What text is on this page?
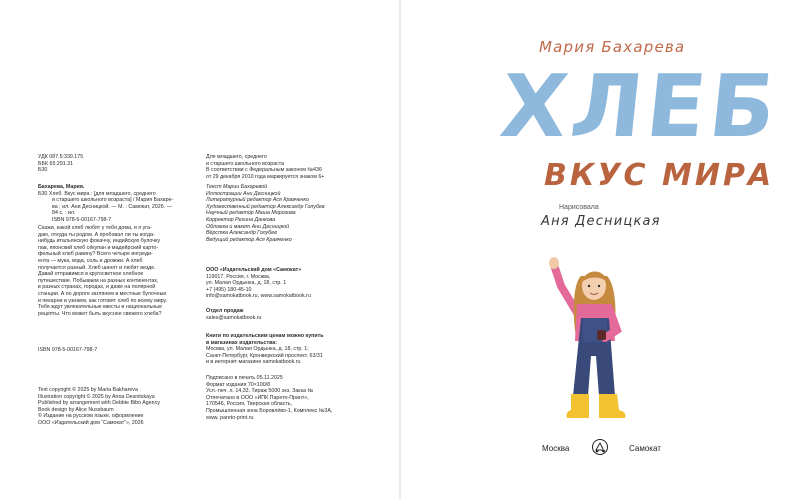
УДК 087.5:339.175
ББК 65.291.31
Б30
Бахарева, Мария.
Б30 Хлеб. Вкус мира : [для младшего, среднего
и старшего школьного возраста] / Мария Бахаре-
ва ; ил. Ани Десницкой. — М. : Самокат, 2026. —
84 с. : ил.
ISBN 978-5-00167-798-7
Скажи, какой хлеб любят у тебя дома, и я уга-
даю, откуда ты родом. А пробовал ли ты когда-
нибудь итальянскую фокаччу, индийскую булочку
пав, японский хлеб сёкупан и мадейрский карто-
фельный хлеб равину? Всего четыре ингреди-
ента — мука, вода, соль и дрожжи. А хлеб
получается разный. Хлеб шинят и любят везде.
Давай отправимся в кругосветное хлебное
путешествие. Побываем на разных континентах,
в разных странах, городах, и даже на полярной
станции. А по дороге заглянем в местные булочные
и пекарни и узнаем, как готовят хлеб по всему миру.
Тебя ждут увлекательные квесты и национальные
рецепты. Что может быть вкуснее свежего хлеба?
ISBN 978-5-00167-798-7
Text copyright © 2025 by Maria Bakhareva
Illustration copyright © 2025 by Anna Desnitskaya
Published by arrangement with Debbie Bibo Agency
Book design by Alice Nussbaum
© Издание на русском языке, оформление
ООО «Издательский дом “Самокат”», 2026
Для младшего, среднего
и старшего школьного возраста
В соответствии с Федеральным законом №436
от 29 декабря 2010 года маркируется знаком 6+
Текст Марии Бахаревой
Иллюстрации Ани Десницкой
Литературный редактор Ася Кравченко
Художественный редактор Александр Голубев
Научный редактор Маша Морозова
Корректор Регина Данкова
Обложка и макет Ани Десницкой
Вёрстка Александр Голубев
Ведущий редактор Ася Кравченко
ООО «Издательский дом «Самокат»
119017, Россия, г. Москва,
ул. Малая Ордынка, д. 18, стр. 1
+7 (495) 180-45-10
info@samokatbook.ru, www.samokatbook.ru
Отдел продаж
sales@samokatbook.ru
Книги по издательским ценам можно купить
в магазинах издательства:
Москва, ул. Малая Ордынка, д. 18, стр. 1;
Санкт-Петербург, Кронверкский проспект, 63/31
и в интернет-магазине samokatbook.ru
Подписано в печать 05.11.2025
Формат издания 70×100/8
Усл.-печ. л. 14,33. Тираж 5000 экз. Заказ №
Отпечатано в ООО «ИПК Парето-Принт»,
170546, Россия, Тверская область,
Промышленная зона Боровлёво-1, Комплекс №3А,
www. pareto-print.ru
Мария Бахарева
ХЛЕБ
ВКУС МИРА
Нарисовала
Аня Десницкая
Москва	Самокат
